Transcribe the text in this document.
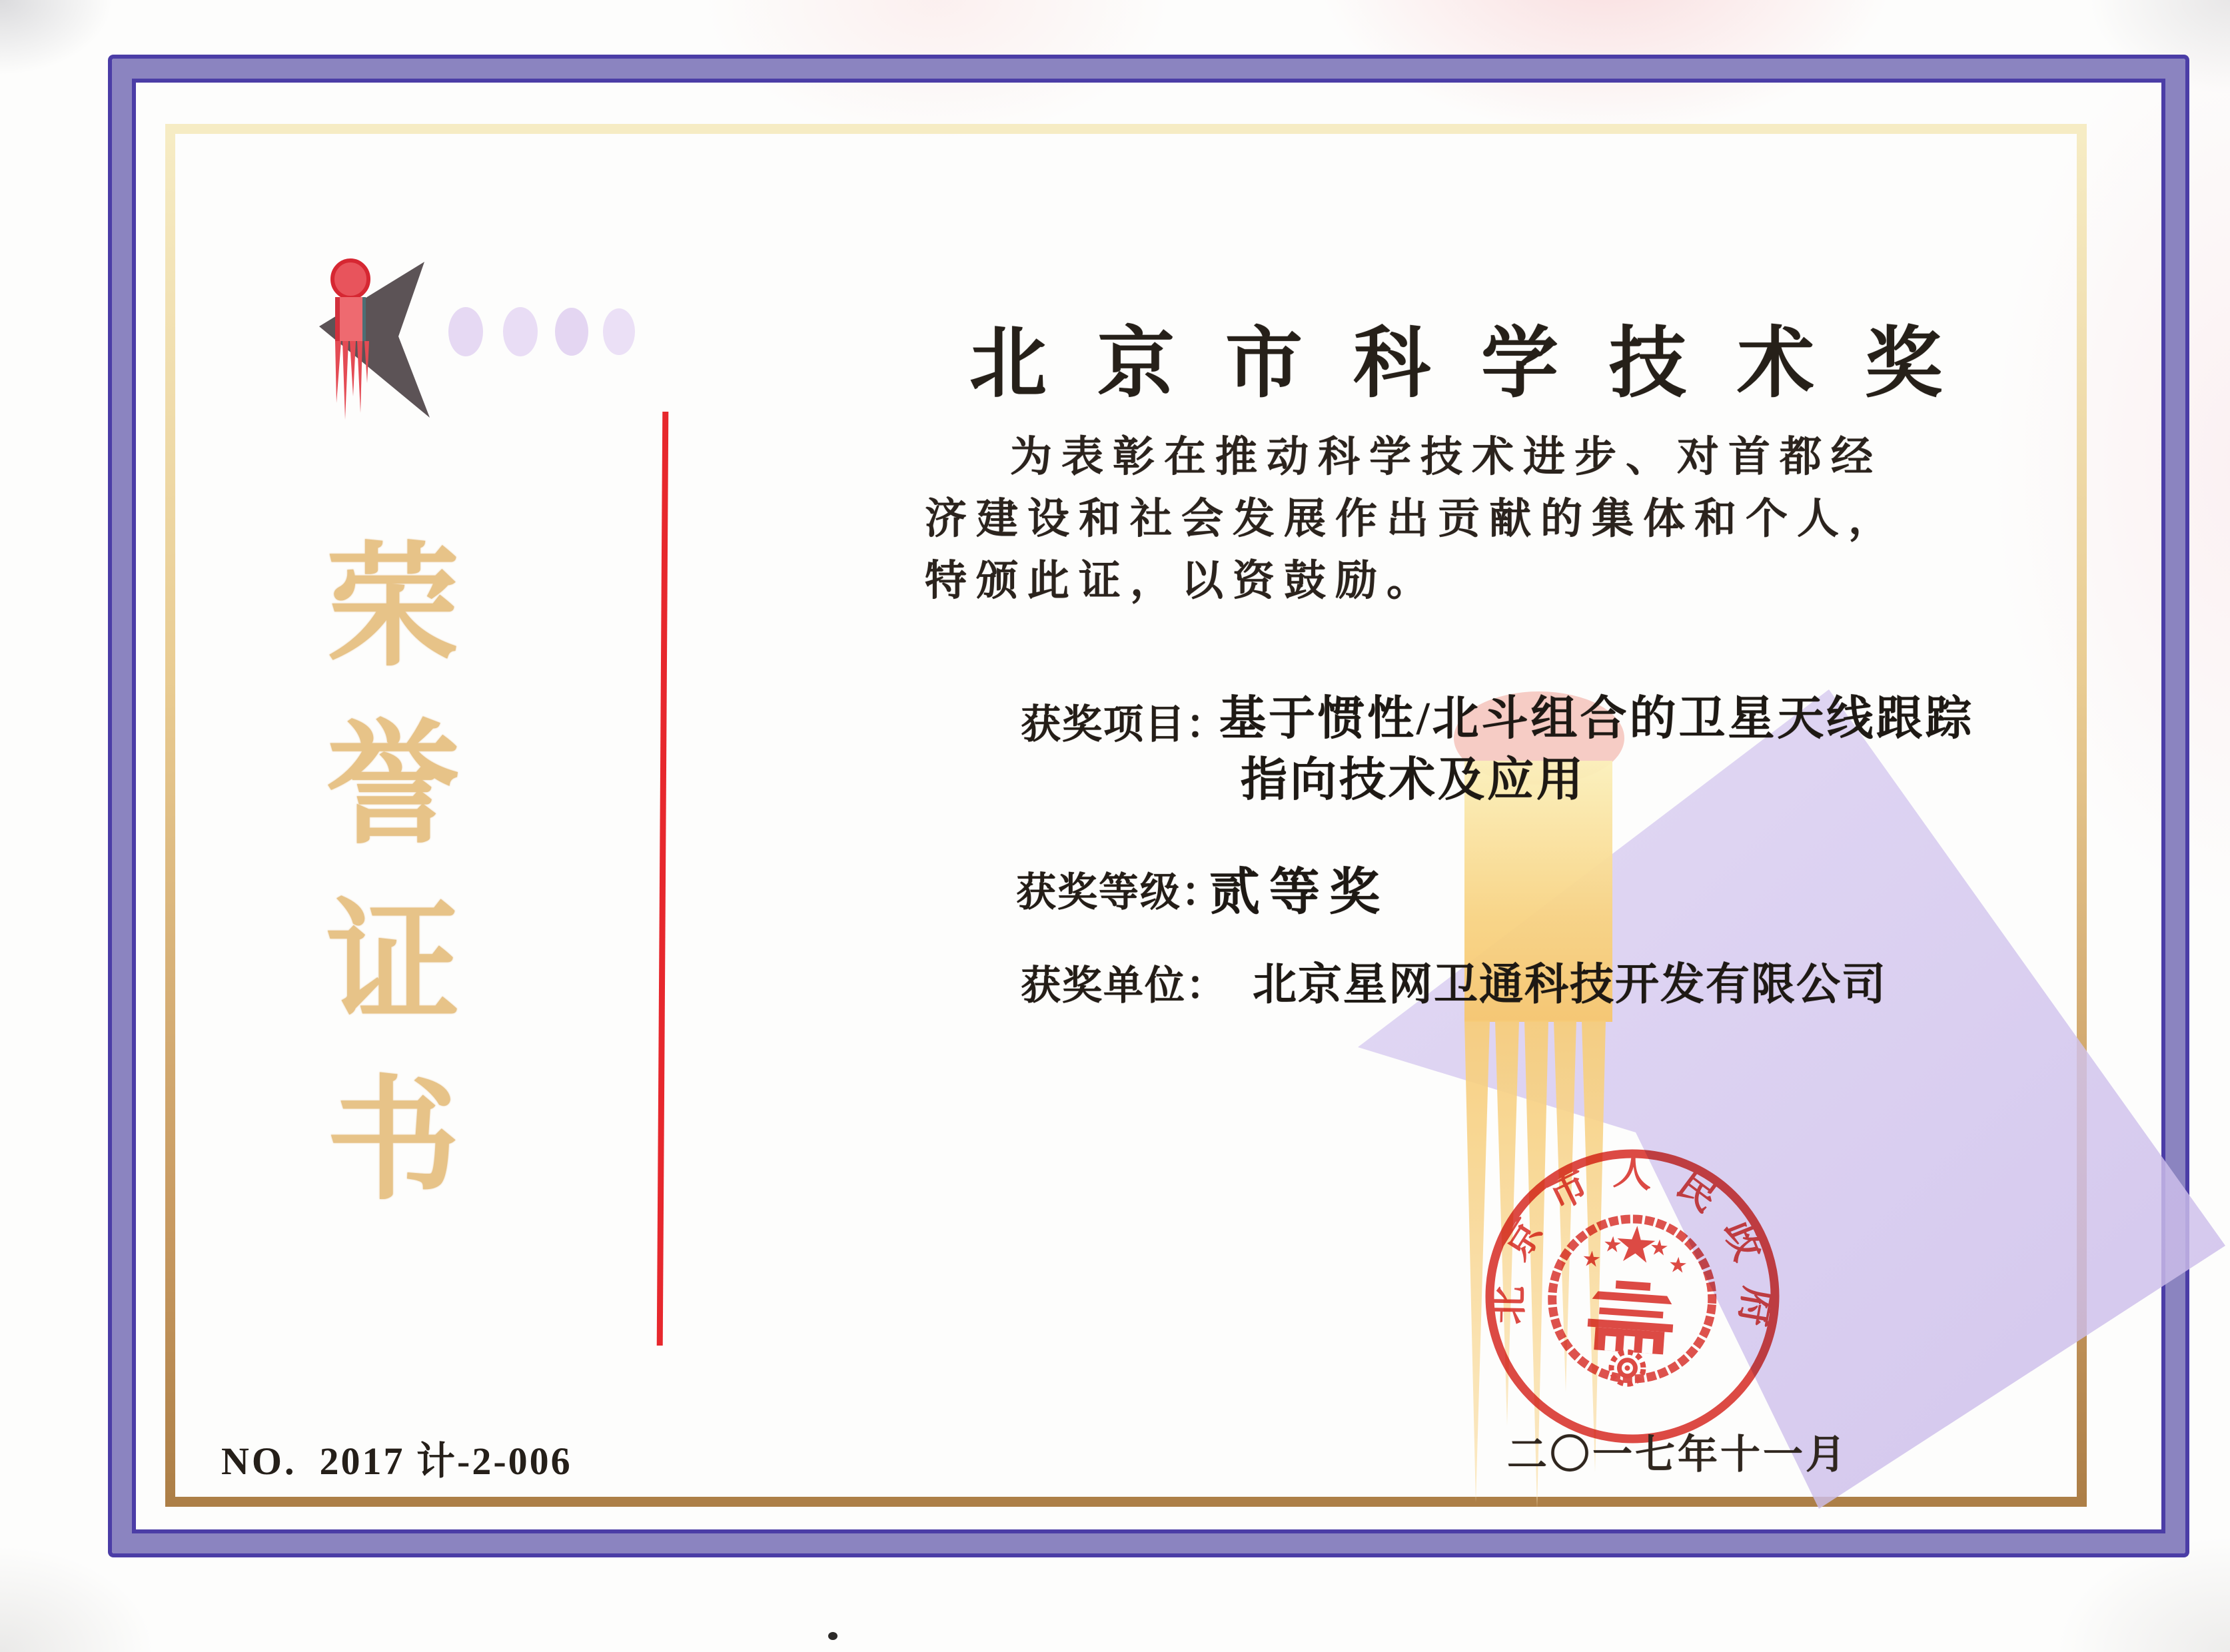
荣
誉
证
书
北京市科学技术奖
为表彰在推动科学技术进步、对首都经
济建设和社会发展作出贡献的集体和个人，
特颁此证，以资鼓励。
获奖项目：
基于惯性/北斗组合的卫星天线跟踪
指向技术及应用
获奖等级：
贰等奖
获奖单位： 北京星网卫通科技开发有限公司
北京市人民政府
二〇一七年十一月
NO. 2017 计-2-006
